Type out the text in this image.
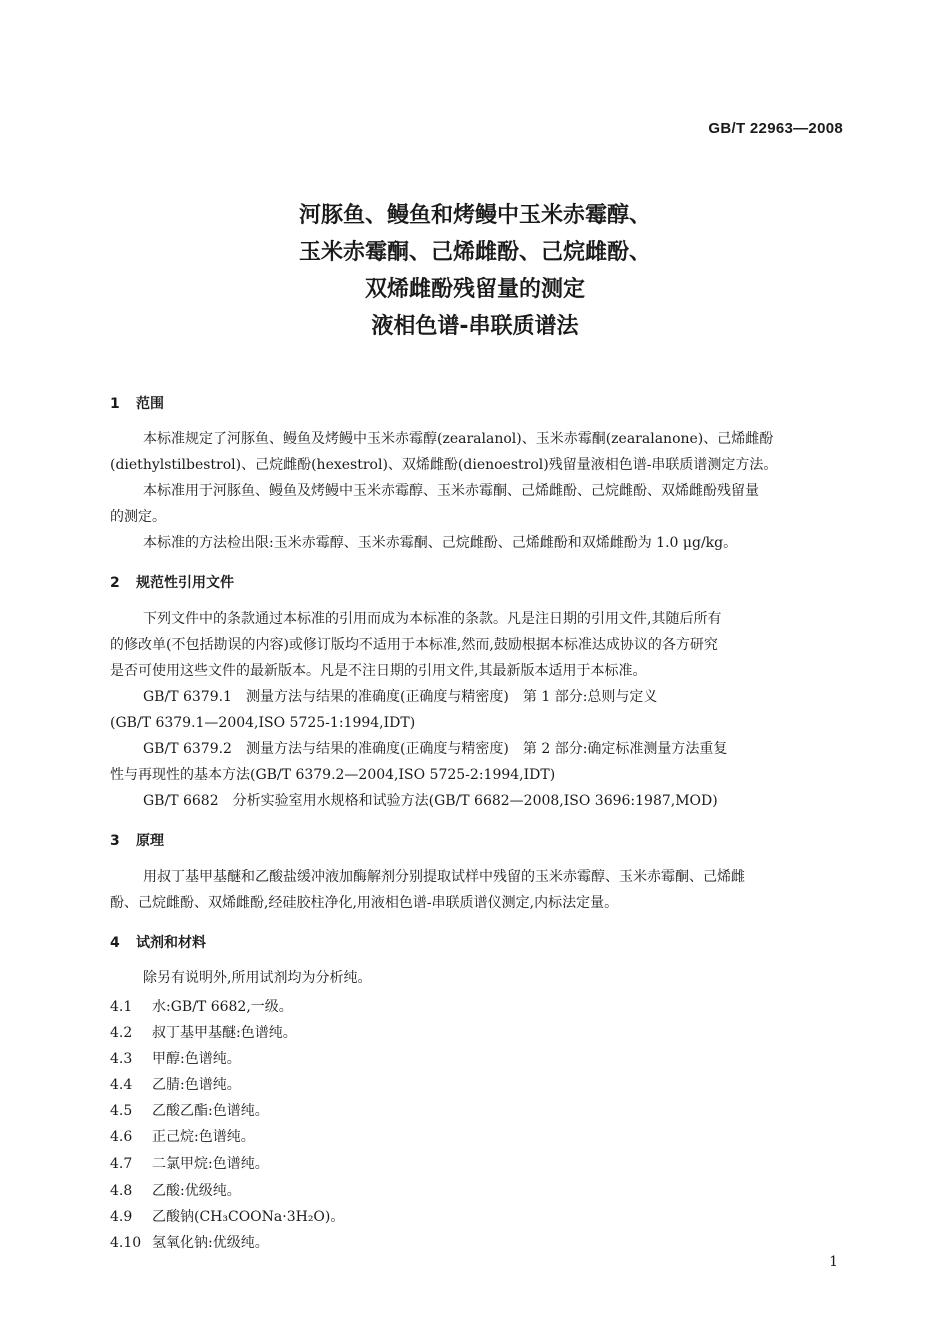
GB/T 22963—2008
河豚鱼、鳗鱼和烤鳗中玉米赤霉醇、
玉米赤霉酮、己烯雌酚、己烷雌酚、
双烯雌酚残留量的测定
液相色谱-串联质谱法
1 范围
本标准规定了河豚鱼、鳗鱼及烤鳗中玉米赤霉醇(zearalanol)、玉米赤霉酮(zearalanone)、己烯雌酚
(diethylstilbestrol)、己烷雌酚(hexestrol)、双烯雌酚(dienoestrol)残留量液相色谱-串联质谱测定方法。
本标准用于河豚鱼、鳗鱼及烤鳗中玉米赤霉醇、玉米赤霉酮、己烯雌酚、己烷雌酚、双烯雌酚残留量
的测定。
本标准的方法检出限:玉米赤霉醇、玉米赤霉酮、己烷雌酚、己烯雌酚和双烯雌酚为 1.0 μg/kg。
2 规范性引用文件
下列文件中的条款通过本标准的引用而成为本标准的条款。凡是注日期的引用文件,其随后所有
的修改单(不包括勘误的内容)或修订版均不适用于本标准,然而,鼓励根据本标准达成协议的各方研究
是否可使用这些文件的最新版本。凡是不注日期的引用文件,其最新版本适用于本标准。
GB/T 6379.1　测量方法与结果的准确度(正确度与精密度)　第 1 部分:总则与定义
(GB/T 6379.1—2004,ISO 5725-1:1994,IDT)
GB/T 6379.2　测量方法与结果的准确度(正确度与精密度)　第 2 部分:确定标准测量方法重复
性与再现性的基本方法(GB/T 6379.2—2004,ISO 5725-2:1994,IDT)
GB/T 6682　分析实验室用水规格和试验方法(GB/T 6682—2008,ISO 3696:1987,MOD)
3 原理
用叔丁基甲基醚和乙酸盐缓冲液加酶解剂分别提取试样中残留的玉米赤霉醇、玉米赤霉酮、己烯雌
酚、己烷雌酚、双烯雌酚,经硅胶柱净化,用液相色谱-串联质谱仪测定,内标法定量。
4 试剂和材料
除另有说明外,所用试剂均为分析纯。
4.1 水:GB/T 6682,一级。
4.2 叔丁基甲基醚:色谱纯。
4.3 甲醇:色谱纯。
4.4 乙腈:色谱纯。
4.5 乙酸乙酯:色谱纯。
4.6 正己烷:色谱纯。
4.7 二氯甲烷:色谱纯。
4.8 乙酸:优级纯。
4.9 乙酸钠(CH₃COONa·3H₂O)。
4.10 氢氧化钠:优级纯。
1
